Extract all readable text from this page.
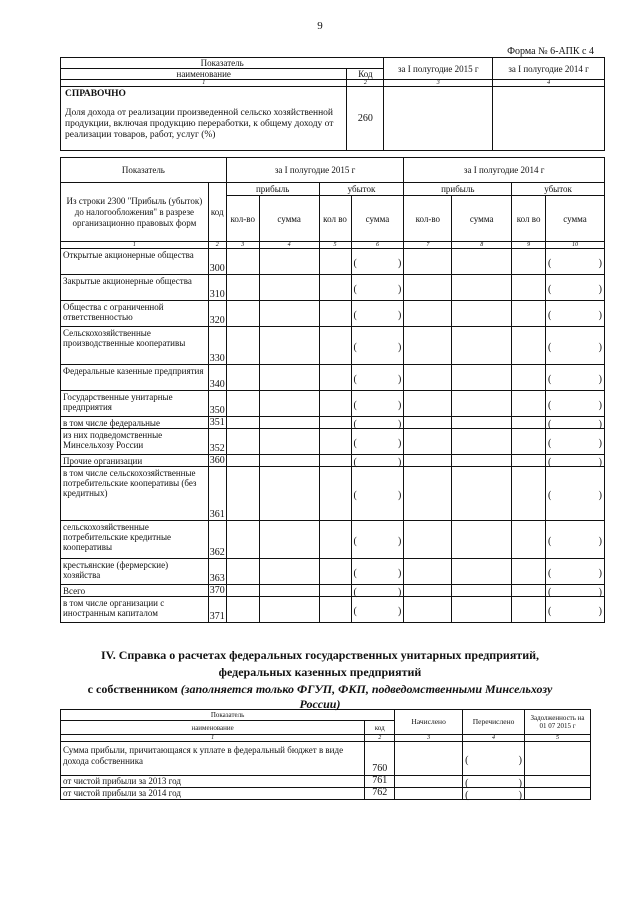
9
Форма № 6-АПК с 4
Показатель		за I полугодие 2015 г	за I полугодие 2014 г
наименование	Код		
1	2	3	4

СПРАВОЧНО
Доля дохода от реализации произведенной сельско хозяйственной продукции, включая продукцию переработки, к общему доходу от реализации товаров, работ, услуг (%)	260		
Показатель		за I полугодие 2015 г				за I полугодие 2014 г			
Из строки 2300 "Прибыль (убыток) до налогообложения" в разрезе организационно правовых форм	код	прибыль		убыток		прибыль		убыток	
		кол-во	сумма	кол во	сумма	кол-во	сумма	кол во	сумма
1	2	3	4	5	6	7	8	9	10
Открытые акционерные общества	300				( )				( )

Закрытые акционерные общества	310				( )				( )

Общества с ограниченной ответственностью	320				( )				( )

Сельскохозяйственные производственные кооперативы	330				( )				( )

Федеральные казенные предприятия	340				( )				( )

Государственные унитарные предприятия	350				( )				( )

в том числе федеральные	351				( )				( )

из них подведомственные Минсельхозу России	352				( )				( )

Прочие организации	360				( )				( )

в том числе сельскохозяйственные потребительские кооперативы (без кредитных)	361				( )				( )

сельскохозяйственные потребительские кредитные кооперативы	362				( )				( )

крестьянские (фермерские) хозяйства	363				( )				( )

Всего	370				( )				( )

в том числе организации с иностранным капиталом	371				( )				( )
IV. Справка о расчетах федеральных государственных унитарных предприятий,
федеральных казенных предприятий
с собственником (заполняется только ФГУП, ФКП, подведомственными Минсельхозу России)
Показатель		Начислено	Перечислено	Задолженность на 01 07 2015 г
наименование	код			
1	2	3	4	5
Сумма прибыли, причитающаяся к уплате в федеральный бюджет в виде дохода собственника	760		( )	

от чистой прибыли за 2013 год	761		( )	

от чистой прибыли за 2014 год	762		( )	
